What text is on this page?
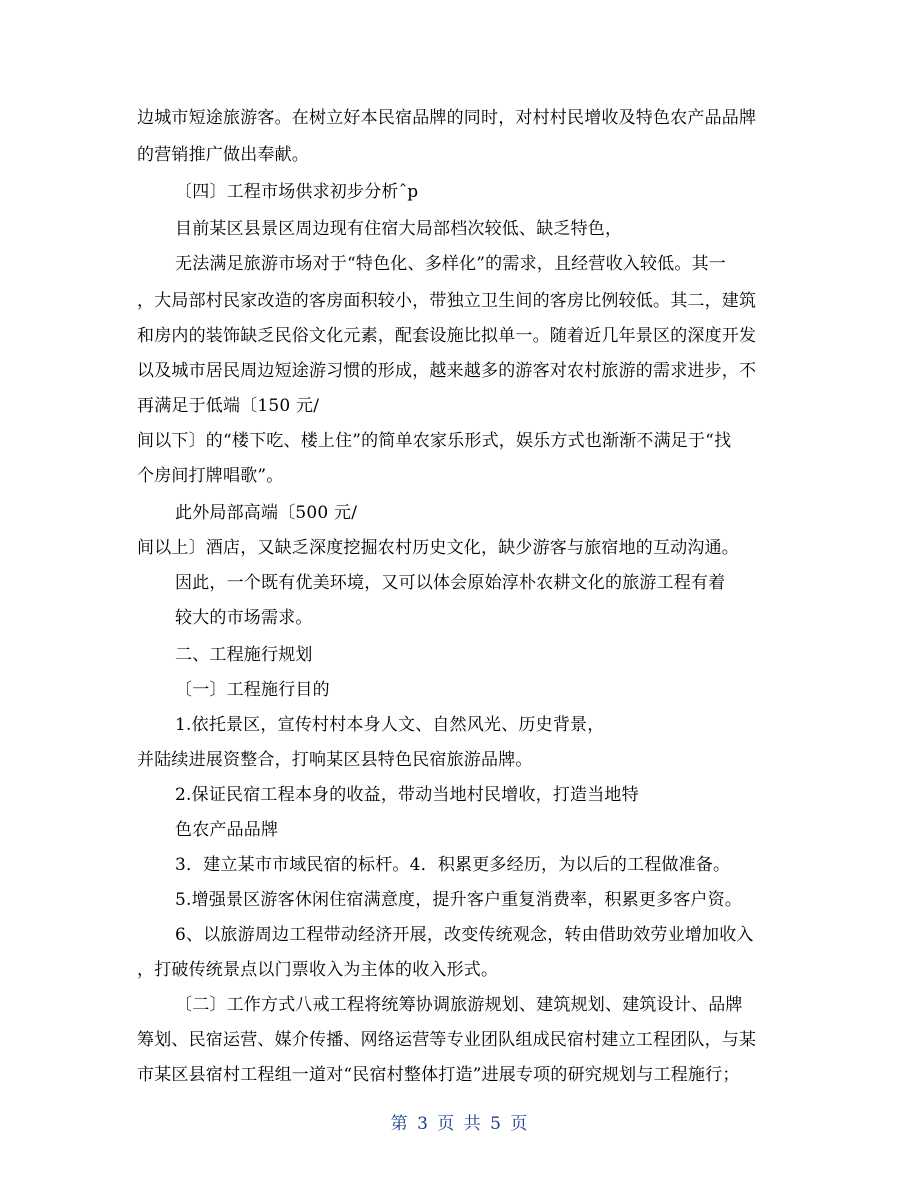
边城市短途旅游客。在树立好本民宿品牌的同时，对村村民增收及特色农产品品牌
的营销推广做出奉献。
〔四〕工程市场供求初步分析ˆp
目前某区县景区周边现有住宿大局部档次较低、缺乏特色，
无法满足旅游市场对于“特色化、多样化”的需求，且经营收入较低。其一
，大局部村民家改造的客房面积较小，带独立卫生间的客房比例较低。其二，建筑
和房内的装饰缺乏民俗文化元素，配套设施比拟单一。随着近几年景区的深度开发
以及城市居民周边短途游习惯的形成，越来越多的游客对农村旅游的需求进步，不
再满足于低端〔150 元/
间以下〕的“楼下吃、楼上住”的简单农家乐形式，娱乐方式也渐渐不满足于“找
个房间打牌唱歌”。
此外局部高端〔500 元/
间以上〕酒店，又缺乏深度挖掘农村历史文化，缺少游客与旅宿地的互动沟通。
因此，一个既有优美环境，又可以体会原始淳朴农耕文化的旅游工程有着
较大的市场需求。
二、工程施行规划
〔一〕工程施行目的
1.依托景区，宣传村村本身人文、自然风光、历史背景，
并陆续进展资整合，打响某区县特色民宿旅游品牌。
2.保证民宿工程本身的收益，带动当地村民增收，打造当地特
色农产品品牌
3．建立某市市域民宿的标杆。4．积累更多经历，为以后的工程做准备。
5.增强景区游客休闲住宿满意度，提升客户重复消费率，积累更多客户资。
6、以旅游周边工程带动经济开展，改变传统观念，转由借助效劳业增加收入
，打破传统景点以门票收入为主体的收入形式。
〔二〕工作方式八戒工程将统筹协调旅游规划、建筑规划、建筑设计、品牌
筹划、民宿运营、媒介传播、网络运营等专业团队组成民宿村建立工程团队，与某
市某区县宿村工程组一道对“民宿村整体打造”进展专项的研究规划与工程施行；
第 3 页 共 5 页
